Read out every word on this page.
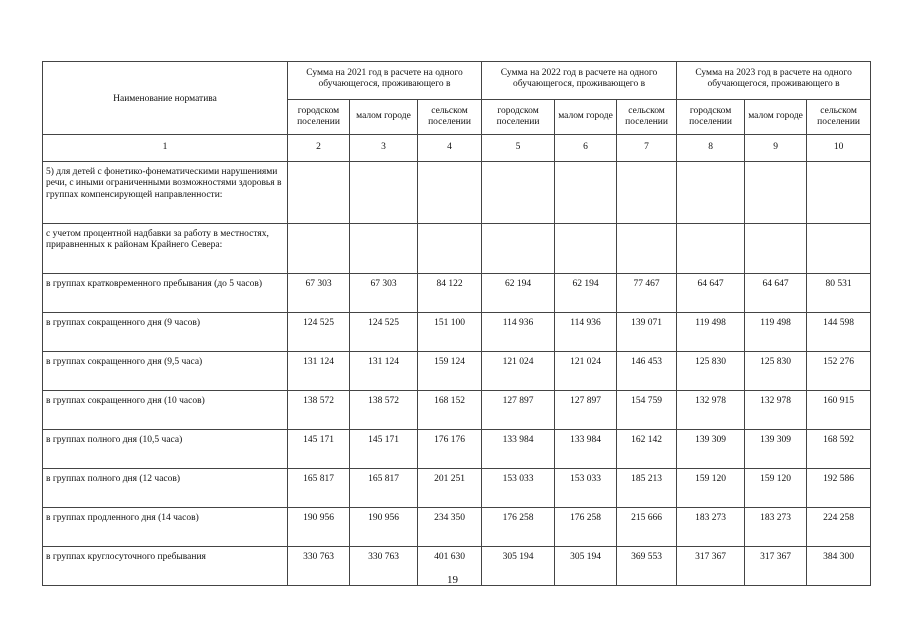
Наименование норматива	Сумма на 2021 год в расчете на одного обучающегося, проживающего в			Сумма на 2022 год в расчете на одного обучающегося, проживающего в			Сумма на 2023 год в расчете на одного обучающегося, проживающего в		
	городском поселении	малом городе	сельском поселении	городском поселении	малом городе	сельском поселении	городском поселении	малом городе	сельском поселении
1	2	3	4	5	6	7	8	9	10
5) для детей с фонетико-фонематическими нарушениями речи, с иными ограниченными возможностями здоровья в группах компенсирующей направленности:									
с учетом процентной надбавки за работу в местностях, приравненных к районам Крайнего Севера:									
в группах кратковременного пребывания (до 5 часов)	67 303	67 303	84 122	62 194	62 194	77 467	64 647	64 647	80 531
в группах сокращенного дня (9 часов)	124 525	124 525	151 100	114 936	114 936	139 071	119 498	119 498	144 598
в группах сокращенного дня (9,5 часа)	131 124	131 124	159 124	121 024	121 024	146 453	125 830	125 830	152 276
в группах сокращенного дня (10 часов)	138 572	138 572	168 152	127 897	127 897	154 759	132 978	132 978	160 915
в группах полного дня (10,5 часа)	145 171	145 171	176 176	133 984	133 984	162 142	139 309	139 309	168 592
в группах полного дня (12 часов)	165 817	165 817	201 251	153 033	153 033	185 213	159 120	159 120	192 586
в группах продленного дня (14 часов)	190 956	190 956	234 350	176 258	176 258	215 666	183 273	183 273	224 258
в группах круглосуточного пребывания	330 763	330 763	401 630	305 194	305 194	369 553	317 367	317 367	384 300
19
